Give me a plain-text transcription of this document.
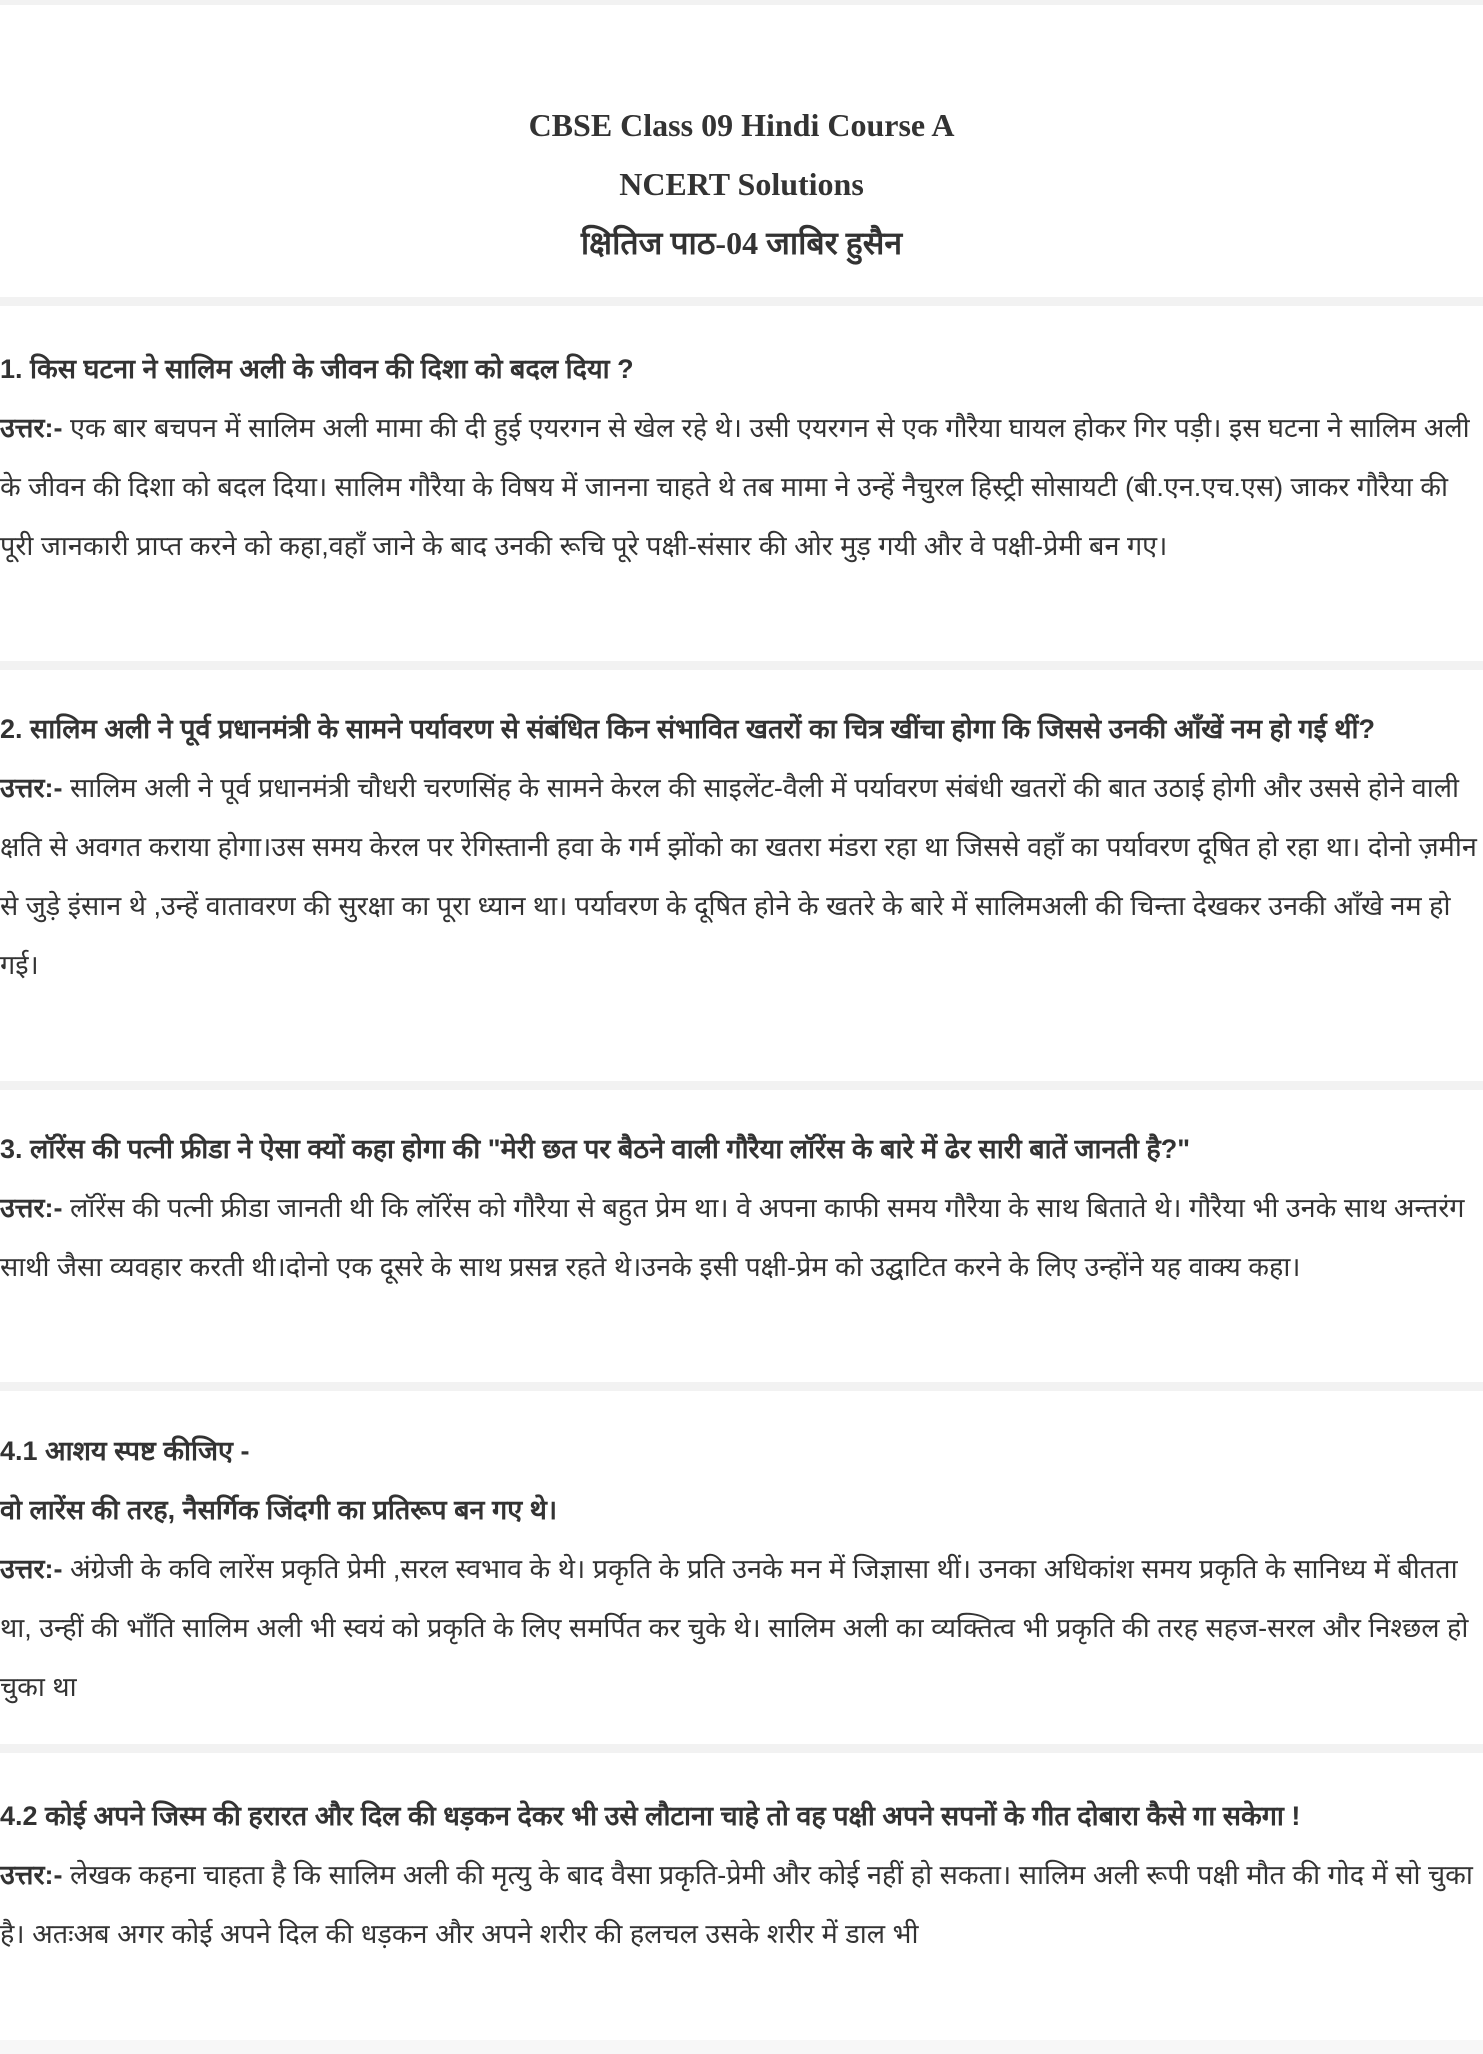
CBSE Class 09 Hindi Course A
NCERT Solutions
क्षितिज पाठ-04 जाबिर हुसैन

1. किस घटना ने सालिम अली के जीवन की दिशा को बदल दिया ?

उत्तर:- एक बार बचपन में सालिम अली मामा की दी हुई एयरगन से खेल रहे थे। उसी एयरगन से एक गौरैया घायल होकर गिर पड़ी। इस घटना ने सालिम अली के जीवन की दिशा को बदल दिया। सालिम गौरैया के विषय में जानना चाहते थे तब मामा ने उन्हें नैचुरल हिस्ट्री सोसायटी (बी.एन.एच.एस) जाकर गौरैया की पूरी जानकारी प्राप्त करने को कहा,वहाँ जाने के बाद उनकी रूचि पूरे पक्षी-संसार की ओर मुड़ गयी और वे पक्षी-प्रेमी बन गए।

2. सालिम अली ने पूर्व प्रधानमंत्री के सामने पर्यावरण से संबंधित किन संभावित खतरों का चित्र खींचा होगा कि जिससे उनकी आँखें नम हो गई थीं?

उत्तर:- सालिम अली ने पूर्व प्रधानमंत्री चौधरी चरणसिंह के सामने केरल की साइलेंट-वैली में पर्यावरण संबंधी खतरों की बात उठाई होगी और उससे होने वाली क्षति से अवगत कराया होगा।उस समय केरल पर रेगिस्तानी हवा के गर्म झोंको का खतरा मंडरा रहा था जिससे वहाँ का पर्यावरण दूषित हो रहा था। दोनो ज़मीन से जुड़े इंसान थे ,उन्हें वातावरण की सुरक्षा का पूरा ध्यान था। पर्यावरण के दूषित होने के खतरे के बारे में सालिमअली की चिन्ता देखकर उनकी आँखे नम हो गई।

3. लॉरेंस की पत्नी फ्रीडा ने ऐसा क्यों कहा होगा की "मेरी छत पर बैठने वाली गौरैया लॉरेंस के बारे में ढेर सारी बातें जानती है?"

उत्तर:- लॉरेंस की पत्नी फ्रीडा जानती थी कि लॉरेंस को गौरैया से बहुत प्रेम था। वे अपना काफी समय गौरैया के साथ बिताते थे। गौरैया भी उनके साथ अन्तरंग साथी जैसा व्यवहार करती थी।दोनो एक दूसरे के साथ प्रसन्न रहते थे।उनके इसी पक्षी-प्रेम को उद्घाटित करने के लिए उन्होंने यह वाक्य कहा।

4.1 आशय स्पष्ट कीजिए -

वो लारेंस की तरह, नैसर्गिक जिंदगी का प्रतिरूप बन गए थे।

उत्तर:- अंग्रेजी के कवि लारेंस प्रकृति प्रेमी ,सरल स्वभाव के थे। प्रकृति के प्रति उनके मन में जिज्ञासा थीं। उनका अधिकांश समय प्रकृति के सानिध्य में बीतता था, उन्हीं की भाँति सालिम अली भी स्वयं को प्रकृति के लिए समर्पित कर चुके थे। सालिम अली का व्यक्तित्व भी प्रकृति की तरह सहज-सरल और निश्छल हो चुका था

4.2 कोई अपने जिस्म की हरारत और दिल की धड़कन देकर भी उसे लौटाना चाहे तो वह पक्षी अपने सपनों के गीत दोबारा कैसे गा सकेगा !

उत्तर:- लेखक कहना चाहता है कि सालिम अली की मृत्यु के बाद वैसा प्रकृति-प्रेमी और कोई नहीं हो सकता। सालिम अली रूपी पक्षी मौत की गोद में सो चुका है। अतःअब अगर कोई अपने दिल की धड़कन और अपने शरीर की हलचल उसके शरीर में डाल भी
